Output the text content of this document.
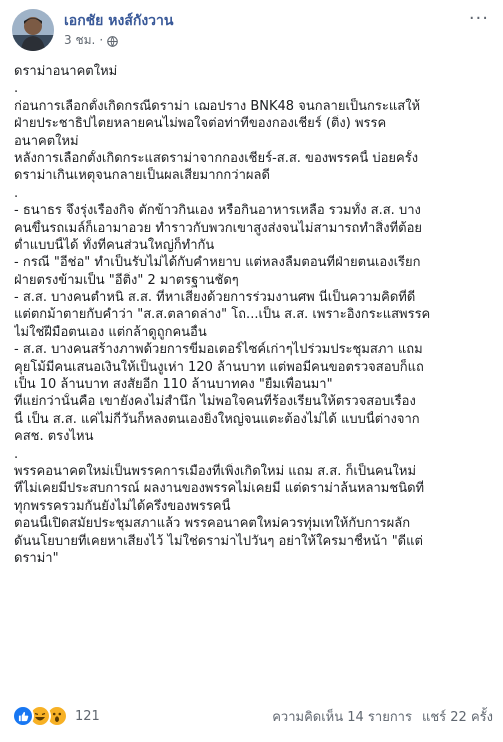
เอกชัย หงส์กังวาน
3 ชม. ·
···
ดราม่าอนาคตใหม่
.
ก่อนการเลือกตั้งเกิดกรณีดราม่า เฌอปราง BNK48 จนกลายเป็นกระแสให้
ฝ่ายประชาธิปไตยหลายคนไม่พอใจต่อท่าทีของกองเชียร์ (ติ่ง) พรรค
อนาคตใหม่
หลังการเลือกตั้งเกิดกระแสดราม่าจากกองเชียร์-ส.ส. ของพรรคนี้ บ่อยครั้ง
ดราม่าเกินเหตุจนกลายเป็นผลเสียมากกว่าผลดี
.
- ธนาธร จึงรุ่งเรืองกิจ ตักข้าวกินเอง หรือกินอาหารเหลือ รวมทั้ง ส.ส. บาง
คนขึ้นรถเมล์ก็เอามาอวย ทำราวกับพวกเขาสูงส่งจนไม่สามารถทำสิ่งที่ต้อย
ต่ำแบบนี้ได้ ทั้งที่คนส่วนใหญ่ก็ทำกัน
- กรณี "อีช่อ" ทำเป็นรับไม่ได้กับคำหยาบ แต่หลงลืมตอนที่ฝ่ายตนเองเรียก
ฝ่ายตรงข้ามเป็น "อีติ่ง" 2 มาตรฐานชัดๆ
- ส.ส. บางคนตำหนิ ส.ส. ที่หาเสียงด้วยการร่วมงานศพ นี่เป็นความคิดที่ดี
แต่ตกม้าตายกับคำว่า "ส.ส.ตลาดล่าง" โถ...เป็น ส.ส. เพราะอิงกระแสพรรค
ไม่ใช่ฝีมือตนเอง แต่กล้าดูถูกคนอื่น
- ส.ส. บางคนสร้างภาพด้วยการขี่มอเตอร์ไซค์เก่าๆไปร่วมประชุมสภา แถม
คุยโม้มีคนเสนอเงินให้เป็นงูเห่า 120 ล้านบาท แต่พอมีคนขอตรวจสอบก็แถ
เป็น 10 ล้านบาท สงสัยอีก 110 ล้านบาทคง "ยืมเพื่อนมา"
ที่แย่กว่านั้นคือ เขายังคงไม่สำนึก ไม่พอใจคนที่ร้องเรียนให้ตรวจสอบเรื่อง
นี้ เป็น ส.ส. แค่ไม่กี่วันก็หลงตนเองยิ่งใหญ่จนแตะต้องไม่ได้ แบบนี้ต่างจาก
คสช. ตรงไหน
.
พรรคอนาคตใหม่เป็นพรรคการเมืองที่เพิ่งเกิดใหม่ แถม ส.ส. ก็เป็นคนใหม่
ที่ไม่เคยมีประสบการณ์ ผลงานของพรรคไม่เคยมี แต่ดราม่าล้นหลามชนิดที่
ทุกพรรครวมกันยังไม่ได้ครึ่งของพรรคนี้
ตอนนี้เปิดสมัยประชุมสภาแล้ว พรรคอนาคตใหม่ควรทุ่มเทให้กับการผลัก
ดันนโยบายที่เคยหาเสียงไว้ ไม่ใช่ดราม่าไปวันๆ อย่าให้ใครมาชี้หน้า "ดีแต่
ดราม่า"
121	ความคิดเห็น 14 รายการ แชร์ 22 ครั้ง
